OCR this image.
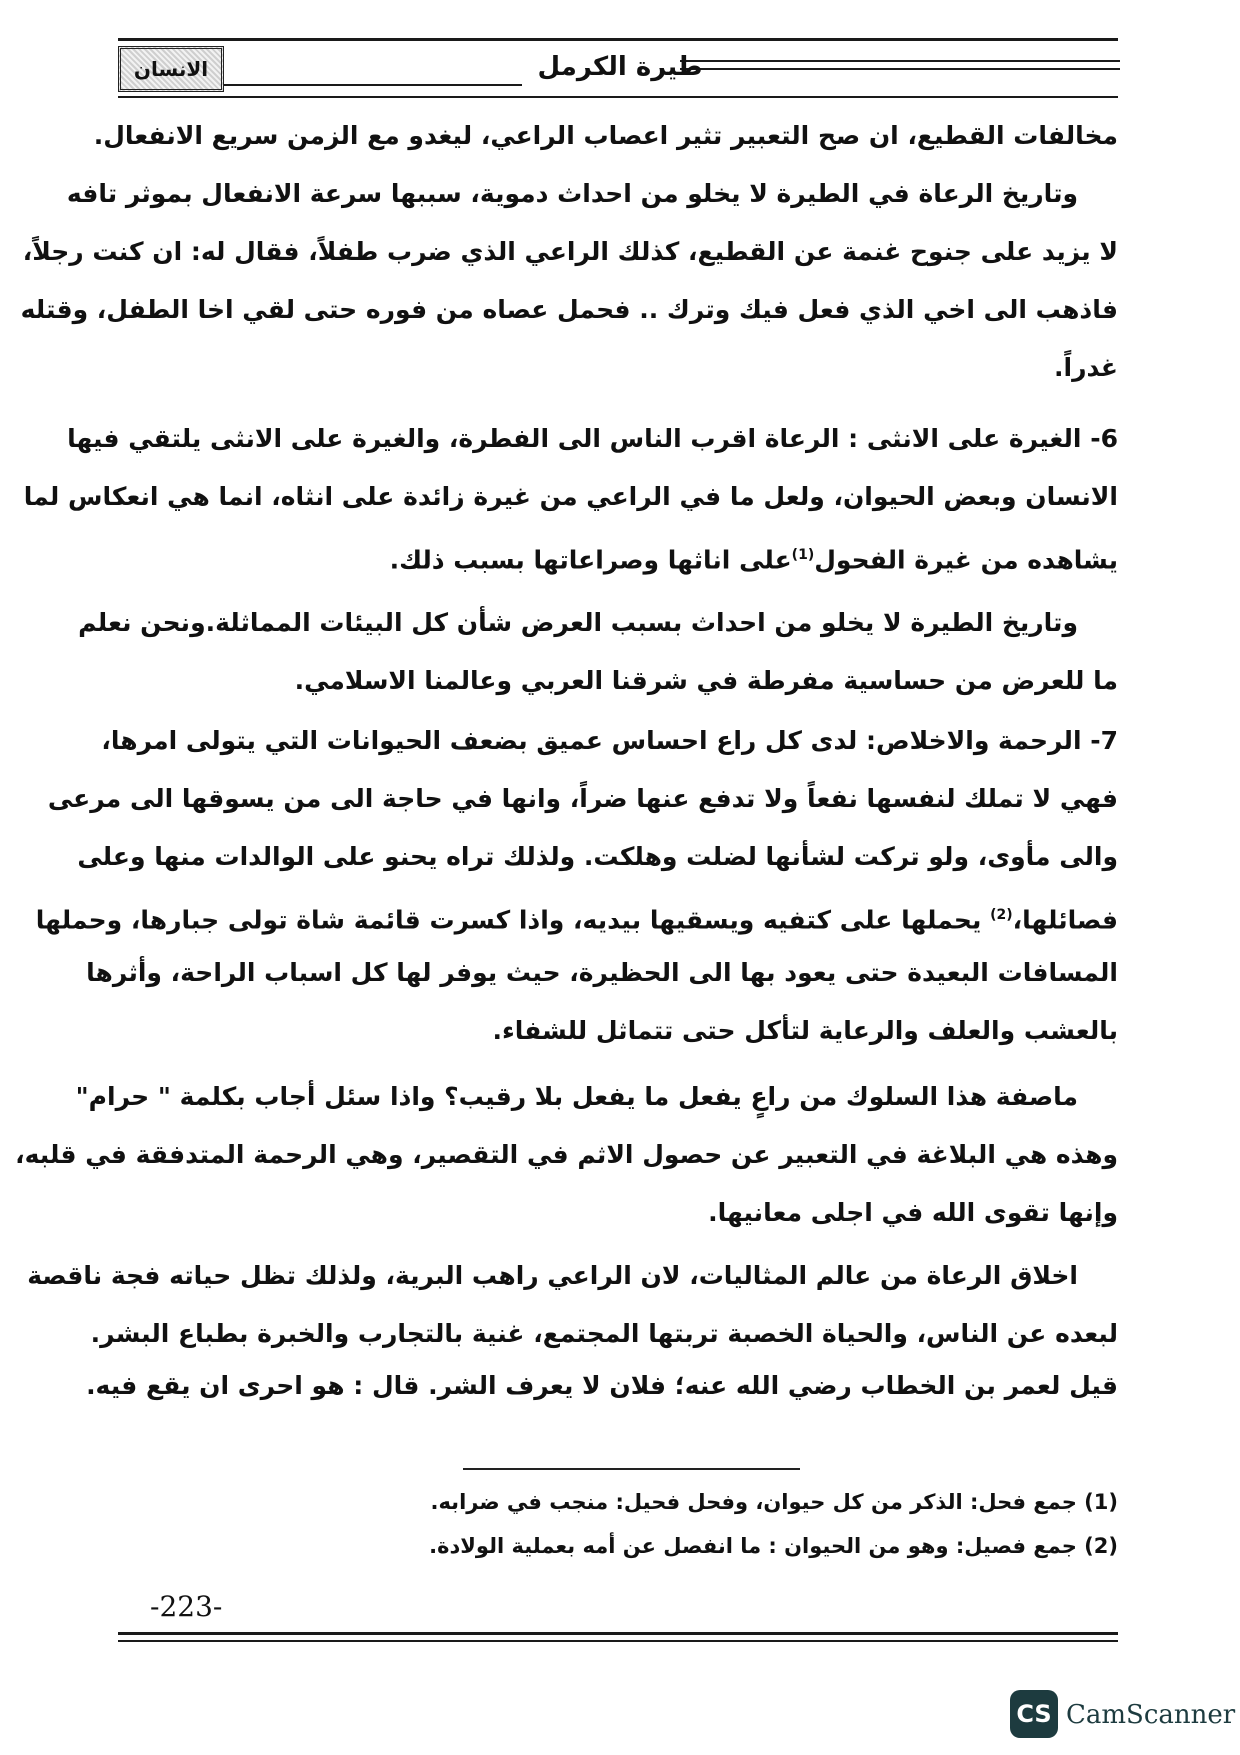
طيرة الكرمل
الانسان
مخالفات القطيع، ان صح التعبير تثير اعصاب الراعي، ليغدو مع الزمن سريع الانفعال.
وتاريخ الرعاة في الطيرة لا يخلو من احداث دموية، سببها سرعة الانفعال بموثر تافه
لا يزيد على جنوح غنمة عن القطيع، كذلك الراعي الذي ضرب طفلاً، فقال له: ان كنت رجلاً،
فاذهب الى اخي الذي فعل فيك وترك .. فحمل عصاه من فوره حتى لقي اخا الطفل، وقتله
غدراً.
6- الغيرة على الانثى : الرعاة اقرب الناس الى الفطرة، والغيرة على الانثى يلتقي فيها
الانسان وبعض الحيوان، ولعل ما في الراعي من غيرة زائدة على انثاه، انما هي انعكاس لما
يشاهده من غيرة الفحول$^{(1)}$على اناثها وصراعاتها بسبب ذلك.
وتاريخ الطيرة لا يخلو من احداث بسبب العرض شأن كل البيئات المماثلة.ونحن نعلم
ما للعرض من حساسية مفرطة في شرقنا العربي وعالمنا الاسلامي.
7- الرحمة والاخلاص: لدى كل راع احساس عميق بضعف الحيوانات التي يتولى امرها،
فهي لا تملك لنفسها نفعاً ولا تدفع عنها ضراً، وانها في حاجة الى من يسوقها الى مرعى
والى مأوى، ولو تركت لشأنها لضلت وهلكت. ولذلك تراه يحنو على الوالدات منها وعلى
فصائلها،$^{(2)}$ يحملها على كتفيه ويسقيها بيديه، واذا كسرت قائمة شاة تولى جبارها، وحملها
المسافات البعيدة حتى يعود بها الى الحظيرة، حيث يوفر لها كل اسباب الراحة، وأثرها
بالعشب والعلف والرعاية لتأكل حتى تتماثل للشفاء.
ماصفة هذا السلوك من راعٍ يفعل ما يفعل بلا رقيب؟ واذا سئل أجاب بكلمة " حرام"
وهذه هي البلاغة في التعبير عن حصول الاثم في التقصير، وهي الرحمة المتدفقة في قلبه،
وإنها تقوى الله في اجلى معانيها.
اخلاق الرعاة من عالم المثاليات، لان الراعي راهب البرية، ولذلك تظل حياته فجة ناقصة
لبعده عن الناس، والحياة الخصبة تربتها المجتمع، غنية بالتجارب والخبرة بطباع البشر.
قيل لعمر بن الخطاب رضي الله عنه؛ فلان لا يعرف الشر. قال : هو احرى ان يقع فيه.
(1) جمع فحل: الذكر من كل حيوان، وفحل فحيل: منجب في ضرابه.
(2) جمع فصيل: وهو من الحيوان : ما انفصل عن أمه بعملية الولادة.
-223-
CS CamScanner
